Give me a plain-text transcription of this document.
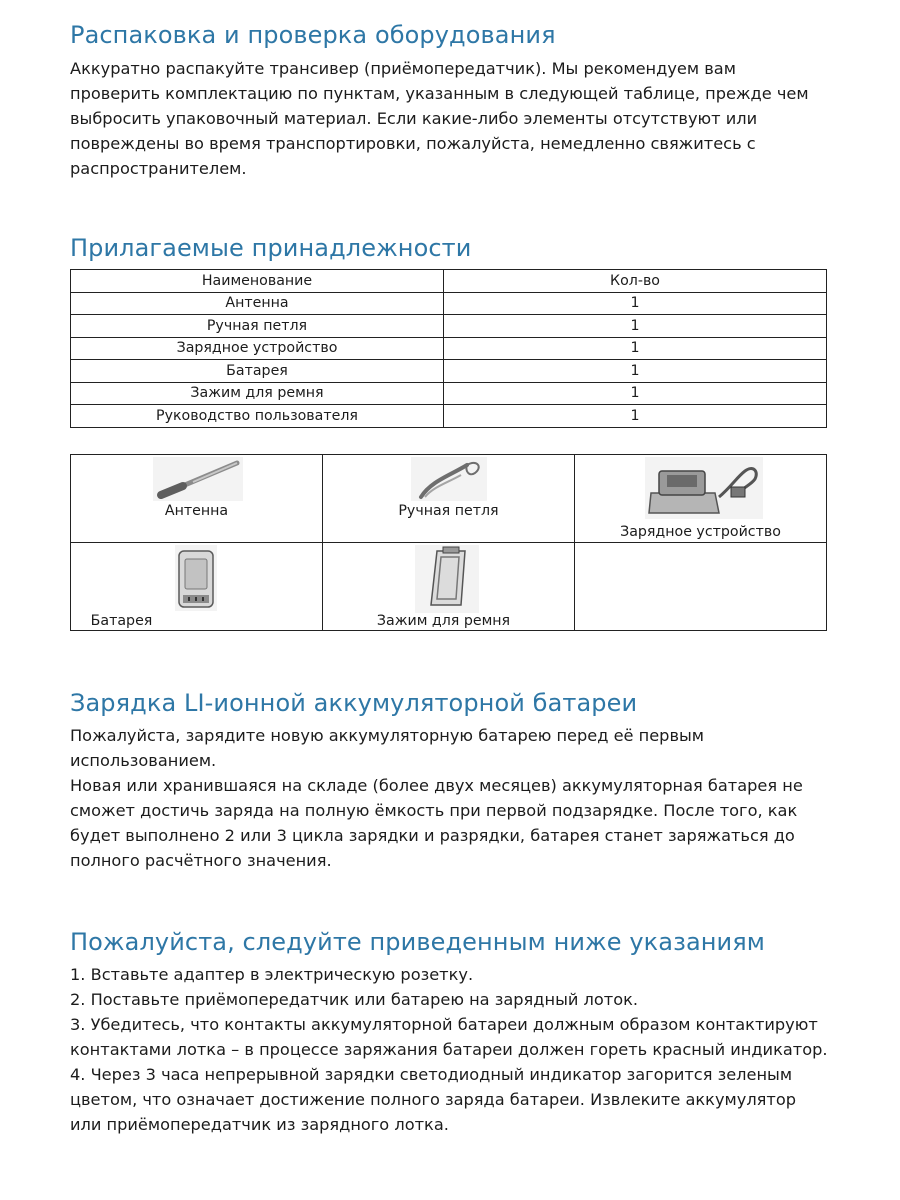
Распаковка и проверка оборудования

Аккуратно распакуйте трансивер (приёмопередатчик). Мы рекомендуем вам проверить комплектацию по пунктам, указанным в следующей таблице, прежде чем выбросить упаковочный материал. Если какие-либо элементы отсутствуют или повреждены во время транспортировки, пожалуйста, немедленно свяжитесь с распространителем.

Прилагаемые принадлежности
Наименование	Кол-во
Антенна	1
Ручная петля	1
Зарядное устройство	1
Батарея	1
Зажим для ремня	1
Руководство пользователя	1
Антенна	Ручная петля	Зарядное устройство

Батарея	Зажим для ремня	

Зарядка LI-ионной аккумуляторной батареи
Пожалуйста, зарядите новую аккумуляторную батарею перед её первым использованием.
Новая или хранившаяся на складе (более двух месяцев) аккумуляторная батарея не сможет достичь заряда на полную ёмкость при первой подзарядке. После того, как будет выполнено 2 или 3 цикла зарядки и разрядки, батарея станет заряжаться до полного расчётного значения.
Пожалуйста, следуйте приведенным ниже указаниям
1. Вставьте адаптер в электрическую розетку.
2. Поставьте приёмопередатчик или батарею на зарядный лоток.
3. Убедитесь, что контакты аккумуляторной батареи должным образом контактируют контактами лотка – в процессе заряжания батареи должен гореть красный индикатор.
4. Через 3 часа непрерывной зарядки светодиодный индикатор загорится зеленым цветом, что означает достижение полного заряда батареи. Извлеките аккумулятор или приёмопередатчик из зарядного лотка.
